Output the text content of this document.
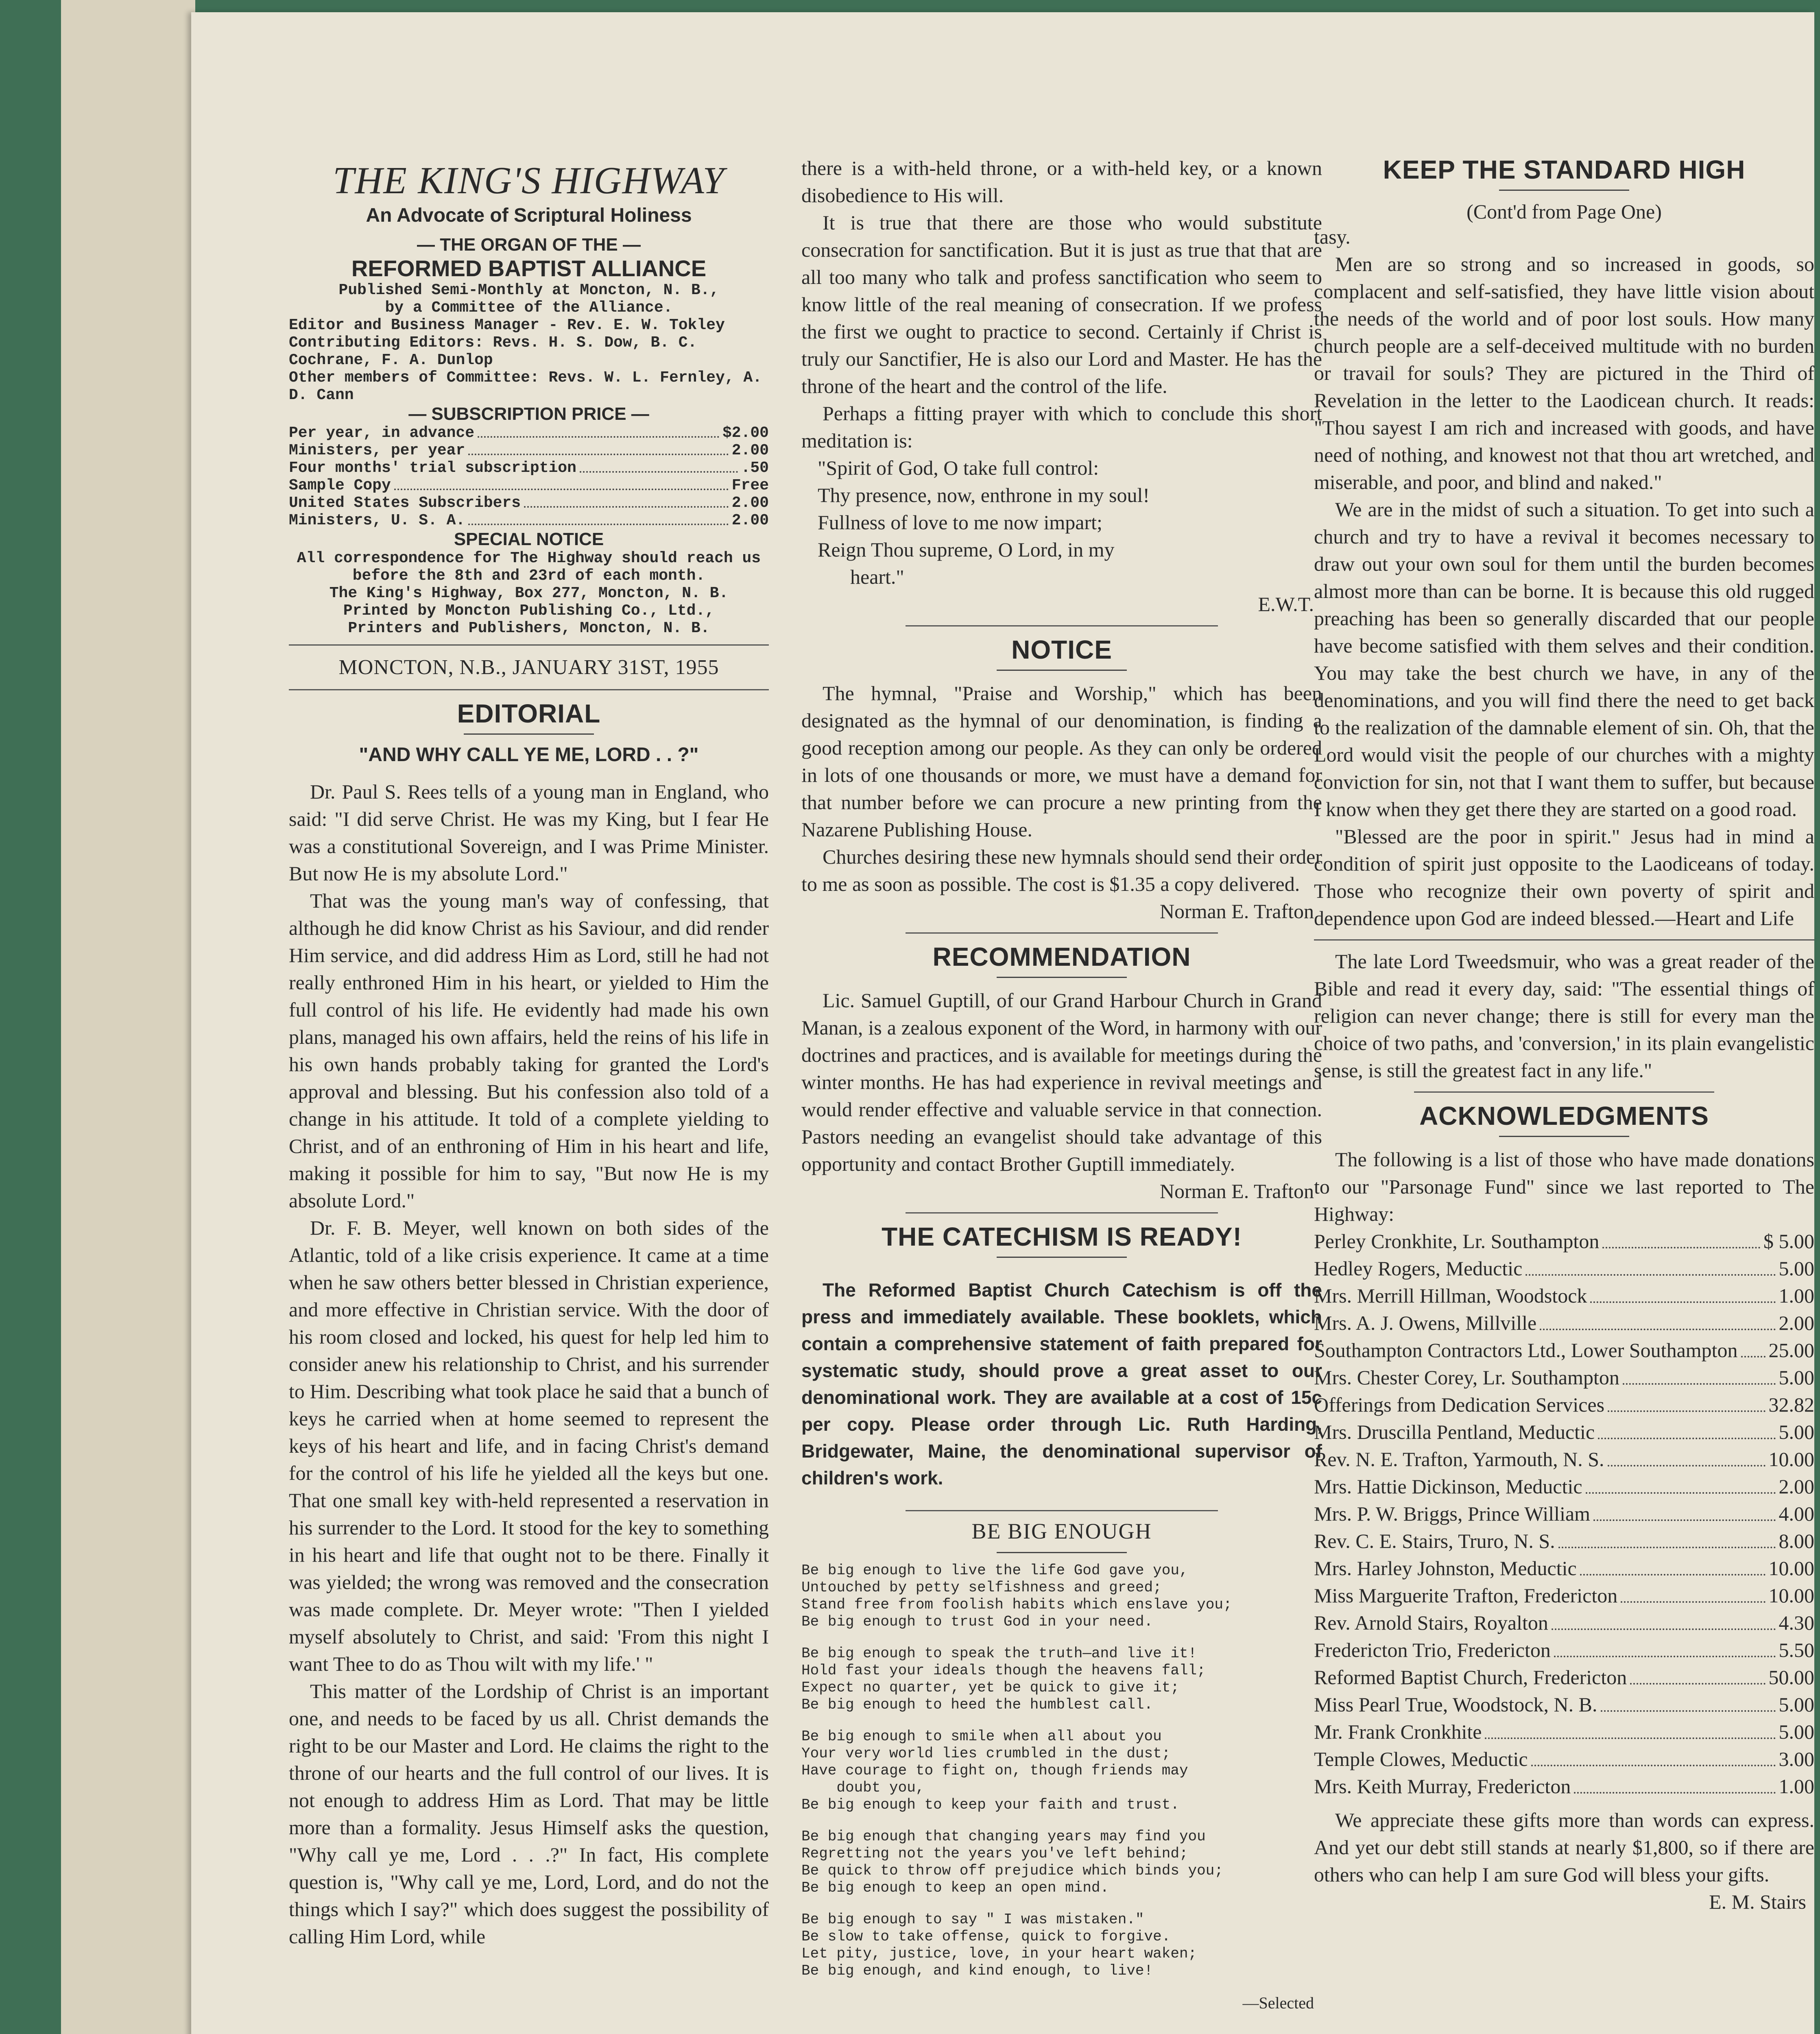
THE KING'S HIGHWAY
An Advocate of Scriptural Holiness
— THE ORGAN OF THE —
REFORMED BAPTIST ALLIANCE
Published Semi-Monthly at Moncton, N. B.,
by a Committee of the Alliance.
Editor and Business Manager - Rev. E. W. Tokley
Contributing Editors: Revs. H. S. Dow, B. C. Cochrane, F. A. Dunlop
Other members of Committee: Revs. W. L. Fernley, A. D. Cann
— SUBSCRIPTION PRICE —
Per year, in advance	$2.00
Ministers, per year	2.00
Four months' trial subscription	.50
Sample Copy	Free
United States Subscribers	2.00
Ministers, U. S. A.	2.00
SPECIAL NOTICE
All correspondence for The Highway should reach us before the 8th and 23rd of each month.
The King's Highway, Box 277, Moncton, N. B.
Printed by Moncton Publishing Co., Ltd.,
Printers and Publishers, Moncton, N. B.
MONCTON, N.B., JANUARY 31ST, 1955
EDITORIAL
"AND WHY CALL YE ME, LORD . . ?"

Dr. Paul S. Rees tells of a young man in England, who said: "I did serve Christ. He was my King, but I fear He was a constitutional Sovereign, and I was Prime Minister. But now He is my absolute Lord."

That was the young man's way of confessing, that although he did know Christ as his Saviour, and did render Him service, and did address Him as Lord, still he had not really enthroned Him in his heart, or yielded to Him the full control of his life. He evidently had made his own plans, managed his own affairs, held the reins of his life in his own hands probably taking for granted the Lord's approval and blessing. But his confession also told of a change in his attitude. It told of a complete yielding to Christ, and of an enthroning of Him in his heart and life, making it possible for him to say, "But now He is my absolute Lord."

Dr. F. B. Meyer, well known on both sides of the Atlantic, told of a like crisis experience. It came at a time when he saw others better blessed in Christian experience, and more effective in Christian service. With the door of his room closed and locked, his quest for help led him to consider anew his relationship to Christ, and his surrender to Him. Describing what took place he said that a bunch of keys he carried when at home seemed to represent the keys of his heart and life, and in facing Christ's demand for the control of his life he yielded all the keys but one. That one small key with-held represented a reservation in his surrender to the Lord. It stood for the key to something in his heart and life that ought not to be there. Finally it was yielded; the wrong was removed and the consecration was made complete. Dr. Meyer wrote: "Then I yielded myself absolutely to Christ, and said: 'From this night I want Thee to do as Thou wilt with my life.' "

This matter of the Lordship of Christ is an important one, and needs to be faced by us all. Christ demands the right to be our Master and Lord. He claims the right to the throne of our hearts and the full control of our lives. It is not enough to address Him as Lord. That may be little more than a formality. Jesus Himself asks the question, "Why call ye me, Lord . . .?" In fact, His complete question is, "Why call ye me, Lord, Lord, and do not the things which I say?" which does suggest the possibility of calling Him Lord, while

there is a with-held throne, or a with-held key, or a known disobedience to His will.

It is true that there are those who would substitute consecration for sanctification. But it is just as true that that are all too many who talk and profess sanctification who seem to know little of the real meaning of consecration. If we profess the first we ought to practice to second. Certainly if Christ is truly our Sanctifier, He is also our Lord and Master. He has the throne of the heart and the control of the life.

Perhaps a fitting prayer with which to conclude this short meditation is:

"Spirit of God, O take full control:
Thy presence, now, enthrone in my soul!
Fullness of love to me now impart;
Reign Thou supreme, O Lord, in my
heart."
E.W.T.
NOTICE

The hymnal, "Praise and Worship," which has been designated as the hymnal of our denomination, is finding a good reception among our people. As they can only be ordered in lots of one thousands or more, we must have a demand for that number before we can procure a new printing from the Nazarene Publishing House.

Churches desiring these new hymnals should send their order to me as soon as possible. The cost is $1.35 a copy delivered.

Norman E. Trafton
RECOMMENDATION

Lic. Samuel Guptill, of our Grand Harbour Church in Grand Manan, is a zealous exponent of the Word, in harmony with our doctrines and practices, and is available for meetings during the winter months. He has had experience in revival meetings and would render effective and valuable service in that connection. Pastors needing an evangelist should take advantage of this opportunity and contact Brother Guptill immediately.

Norman E. Trafton
THE CATECHISM IS READY!

The Reformed Baptist Church Catechism is off the press and immediately available. These booklets, which contain a comprehensive statement of faith prepared for systematic study, should prove a great asset to our denominational work. They are available at a cost of 15c per copy. Please order through Lic. Ruth Harding, Bridgewater, Maine, the denominational supervisor of children's work.

BE BIG ENOUGH
Be big enough to live the life God gave you,
Untouched by petty selfishness and greed;
Stand free from foolish habits which enslave you;
Be big enough to trust God in your need.
Be big enough to speak the truth—and live it!
Hold fast your ideals though the heavens fall;
Expect no quarter, yet be quick to give it;
Be big enough to heed the humblest call.
Be big enough to smile when all about you
Your very world lies crumbled in the dust;
Have courage to fight on, though friends may
doubt you,
Be big enough to keep your faith and trust.
Be big enough that changing years may find you
Regretting not the years you've left behind;
Be quick to throw off prejudice which binds you;
Be big enough to keep an open mind.
Be big enough to say " I was mistaken."
Be slow to take offense, quick to forgive.
Let pity, justice, love, in your heart waken;
Be big enough, and kind enough, to live!
—Selected
KEEP THE STANDARD HIGH
(Cont'd from Page One)

tasy.

Men are so strong and so increased in goods, so complacent and self-satisfied, they have little vision about the needs of the world and of poor lost souls. How many church people are a self-deceived multitude with no burden or travail for souls? They are pictured in the Third of Revelation in the letter to the Laodicean church. It reads: "Thou sayest I am rich and increased with goods, and have need of nothing, and knowest not that thou art wretched, and miserable, and poor, and blind and naked."

We are in the midst of such a situation. To get into such a church and try to have a revival it becomes necessary to draw out your own soul for them until the burden becomes almost more than can be borne. It is because this old rugged preaching has been so generally discarded that our people have become satisfied with them selves and their condition. You may take the best church we have, in any of the denominations, and you will find there the need to get back to the realization of the damnable element of sin. Oh, that the Lord would visit the people of our churches with a mighty conviction for sin, not that I want them to suffer, but because I know when they get there they are started on a good road.

"Blessed are the poor in spirit." Jesus had in mind a condition of spirit just opposite to the Laodiceans of today. Those who recognize their own poverty of spirit and dependence upon God are indeed blessed.—Heart and Life

The late Lord Tweedsmuir, who was a great reader of the Bible and read it every day, said: "The essential things of religion can never change; there is still for every man the choice of two paths, and 'conversion,' in its plain evangelistic sense, is still the greatest fact in any life."

ACKNOWLEDGMENTS

The following is a list of those who have made donations to our "Parsonage Fund" since we last reported to The Highway:

Perley Cronkhite, Lr. Southampton	$ 5.00
Hedley Rogers, Meductic	5.00
Mrs. Merrill Hillman, Woodstock	1.00
Mrs. A. J. Owens, Millville	2.00
Southampton Contractors Ltd., Lower Southampton 25.00
Mrs. Chester Corey, Lr. Southampton	5.00
Offerings from Dedication Services	32.82
Mrs. Druscilla Pentland, Meductic	5.00
Rev. N. E. Trafton, Yarmouth, N. S.	10.00
Mrs. Hattie Dickinson, Meductic	2.00
Mrs. P. W. Briggs, Prince William	4.00
Rev. C. E. Stairs, Truro, N. S.	8.00
Mrs. Harley Johnston, Meductic	10.00
Miss Marguerite Trafton, Fredericton	10.00
Rev. Arnold Stairs, Royalton	4.30
Fredericton Trio, Fredericton	5.50
Reformed Baptist Church, Fredericton	50.00
Miss Pearl True, Woodstock, N. B.	5.00
Mr. Frank Cronkhite	5.00
Temple Clowes, Meductic	3.00
Mrs. Keith Murray, Fredericton	1.00

We appreciate these gifts more than words can express. And yet our debt still stands at nearly $1,800, so if there are others who can help I am sure God will bless your gifts.

E. M. Stairs
